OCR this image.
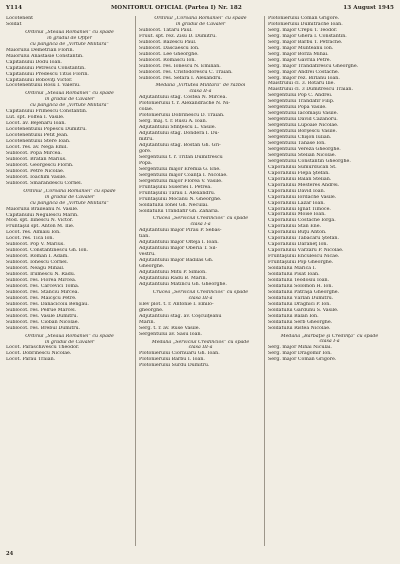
Y114	MONITORUL OFICIAL (Partea I) Nr. 182	13 August 1945
Locotenent
Soldat
Ordinul „Steaua României” cu spade
în gradul de Ofiţer
cu panglica de „Virtute Militară”
Maiorului Demetrian Florin.
Maiorului Anastasie Constantin.
Căpitanului Dodu Ioan.
Căpitanului Petrescu Constantin.
Căpitanului Predescu Titus Florin.
Căpitanului Boboviţi Victor.
Locotenentului Rosu I. Valeriu.
Ordinul „Steaua României” cu spade
în gradul de Cavaler
cu panglica de „Virtute Militară”
Căpitanului Frimescu Constantin.
Lut. spt. Folfea I. Vasile.
Locot. av. Bejenaru Ioan.
Locotenentului Popescu Dumitru.
Locotenentului Petit Jean.
Locotenentului Stere Ioan.
Locot. res. av. Nega Emil.
Sublocot. Popa Mircea.
Sublocot. Brătan Marius.
Sublocot. Georgescu Florin.
Sublocot. Petre Nicolae.
Sublocot. Ioachim Vasile.
Sublocot. Smărăndescu Cornel.
Ordinul „Coroana României” cu spade
în gradul de Cavaler
cu panglica de „Virtute Militară”
Maiorului Brăileanu N. Vasile.
Căpitanului Negulescu Marin.
Mod. spt. Ilinescu N. Victor.
Fruntaşul spt. Anton M. Ilie.
Locot. res. Almaiu Ion.
Locot. res. Tica Ion.
Sublocot. Pop V. Marius.
Sublocot. Constantinescu Gh. Ion.
Sublocot. Roman I. Adam.
Sublocot. Ionescu Cornel.
Sublocot. Neagu Mihail.
Sublocot. Iriimescu N. Radu.
Sublocot. res. Florea Mircea.
Sublocot. res. Carcevici Toma.
Sublocot. res. Stanciu Mircea.
Sublocot. res. Maicşcu Petre.
Sublocot. res. Dănăcicoiu Bengău.
Sublocot. res. Pelrue Marcel.
Sublocot. res. Vasile Dumitru.
Sublocot. res. Cioban Nicolae.
Sublocot. res. Brebul Dumitru.
Ordinul „Steaua României” cu spade
în gradul de Cavaler
Locot. Paraschivescu Theodor.
Locot. Dobrinescu Nicolae.
Locot. Pârău Traian.
Ordinul „Coroana României” cu spade
în gradul de Cavaler
Sublocot. Tătaru Paul.
Fruut. spt. rez. Zisu D. Dumitru.
Sublocot. Bazescu Paul.
Sublocot. Dascăescu Ion.
Sublocot. Lee Gheorghe.
Sublocot. Romascu Ion.
Sublocot. res. Ionescu N. Emilian.
Sublocot. res. Cristodorescu C. Traian.
Sublocot. res. Sefara I. Alexandru.
Medalia „Virtutea Militară” de război
clasa II-a
Adjutantului stag. Costea N. Mircea.
Plotonierului t. r. Alexandrache N. Ni-
colae.
Plotonierului Dobrinescu D. Traian.
Serg. maj. t. r. Rusu A. Ioan.
Adjutantului Sfinţescu L. Vasile.
Adjutantului stag. Dondera I. Du-
mitru.
Adjutantului stag. Bostan Gh. Gri-
gore.
Sergentului t. r. Trifan Dumitrescu
Popa.
Sergentului major Eremia G. Ene.
Sergentului major Coanţă I. Nicolae.
Sergentului major Florea V. Vasile.
Fruntaşului Suseriei I. Petrea.
Fruntaşului Tărău I. Alexandru.
Fruntaşului Mocanu N. Gheorghe.
Soldatului Ionel Gh. Neculai.
Soldatului Trandafir Gh. Zaharia.
Crucea „Serviciul Credincios” cu spade
clasa I-a
Adjutantului major Pîrău P. Sebas-
tian.
Adjutantului major Olteja I. Ioan.
Adjutantului major Oberia T. Sil-
vestru.
Adjutantului major Bădilas Gh.
Gheorghe.
Adjutantului Mitu P. Simion.
Adjutantului Radu B. Marin.
Adjutantului Mătincu Gh. Gheorghe.
Crucea „Serviciul Credincios” cu spade
clasa III-a
Elev plot. t. r. Antonie I. Emilo-
gheorghe.
Adjutantului stag. av. Coşcuiţeanu
Marin.
Serg. t. r. av. Ruse Vasile.
Sergentului av. Sasu Ioan.
Medalia „Serviciul Credincios” cu spade
clasa III-a
Plotonierului Ciornuaru Gh. Ioan.
Plotonierului Barbu I. Ioan.
Plotonierului Surdu Dumitru.
Plotonierului Coman Grigore.
Plotonierului Dumitrache Ioan.
Serg. major Crepu T. Teodor.
Serg. major Ghera I. Constantin.
Serg. major Barbu T. Petrache.
Serg. major Munteanu Ion.
Serg. major Borza Mihai.
Serg. major Gavrilă Petre.
Serg. major Trandafirescu Gheorghe.
Serg. major Andrei Costache.
Serg. major rez. Birlanu Ioan.
Maistrului cl. 3. Rotaru Ilie.
Maistrului cl. 3 Dumitrescu Traian.
Sergentului Pop C. Andrei.
Sergentului Trandafir Filip.
Sergentului Popa Vasile.
Sergentului Iacomaşu Vasile.
Sergentului David Cazanoru.
Sergentului Lupoaie Nicolae.
Sergentului Borşescu Vasile.
Sergentului Chişon Iulian.
Sergentului Tănase Ion.
Sergentului Vereza Gheorghe.
Sergentului Stelian Nicolae.
Sergentului Constantin Gheorghe.
Caporalului Sumurducan St.
Caporalului Flepa Ştefan.
Caporalului Bălan Stelian.
Caporalului Mesteres Andrei.
Caporalului David Ioan.
Caporalului Iordache Vasile.
Caporalului Lazăr Ioan.
Caporalului Ignat Timoce.
Caporalului Moise Ioan.
Caporalului Costache Iorga.
Caporalului Stan Ene.
Caporalului Buţu Anton.
Caporalului Tăbăcaru Ştefan.
Caporalului Dărăneţ Ion.
Caporalului Vărzaru P. Nicolae.
Fruntaşului Enculescu Nicae.
Fruntaşului Pop Gheorghe.
Soldatului Marica I.
Soldatului Pisat Ioan.
Soldatului Teodosiu Ioan.
Soldatului Solomon H. Ion.
Soldatului Pătraşă Gheorghe.
Soldatului Vărlan Dumitru.
Soldatului Drăghici P. Ion.
Soldatului Gărdunu S. Vasile.
Soldatului Bălan Ion.
Soldatului Serb Gheorghe.
Soldatului Ristea Nicolae.
Medalia „Bărbăţie şi Credinţă” cu spade
clasa I-a
Serg. major Mihai Niculai.
Serg. major Dragomir Ion.
Serg. major Coman Grigore.
24
